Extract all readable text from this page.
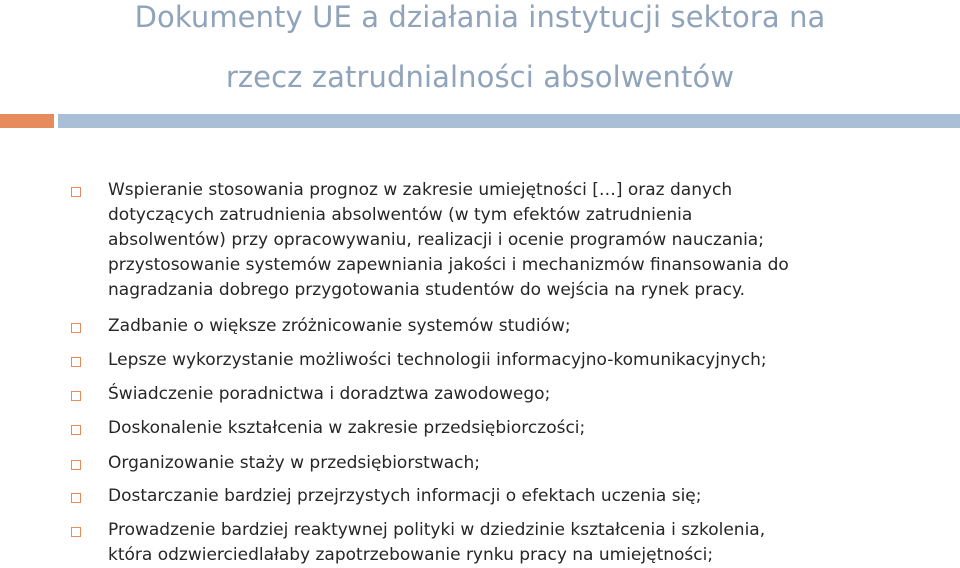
Dokumenty UE a działania instytucji sektora na
rzecz zatrudnialności absolwentów
Wspieranie stosowania prognoz w zakresie umiejętności […] oraz danych
dotyczących zatrudnienia absolwentów (w tym efektów zatrudnienia
absolwentów) przy opracowywaniu, realizacji i ocenie programów nauczania;
przystosowanie systemów zapewniania jakości i mechanizmów finansowania do
nagradzania dobrego przygotowania studentów do wejścia na rynek pracy.
Zadbanie o większe zróżnicowanie systemów studiów;
Lepsze wykorzystanie możliwości technologii informacyjno-komunikacyjnych;
Świadczenie poradnictwa i doradztwa zawodowego;
Doskonalenie kształcenia w zakresie przedsiębiorczości;
Organizowanie staży w przedsiębiorstwach;
Dostarczanie bardziej przejrzystych informacji o efektach uczenia się;
Prowadzenie bardziej reaktywnej polityki w dziedzinie kształcenia i szkolenia,
która odzwierciedlałaby zapotrzebowanie rynku pracy na umiejętności;
